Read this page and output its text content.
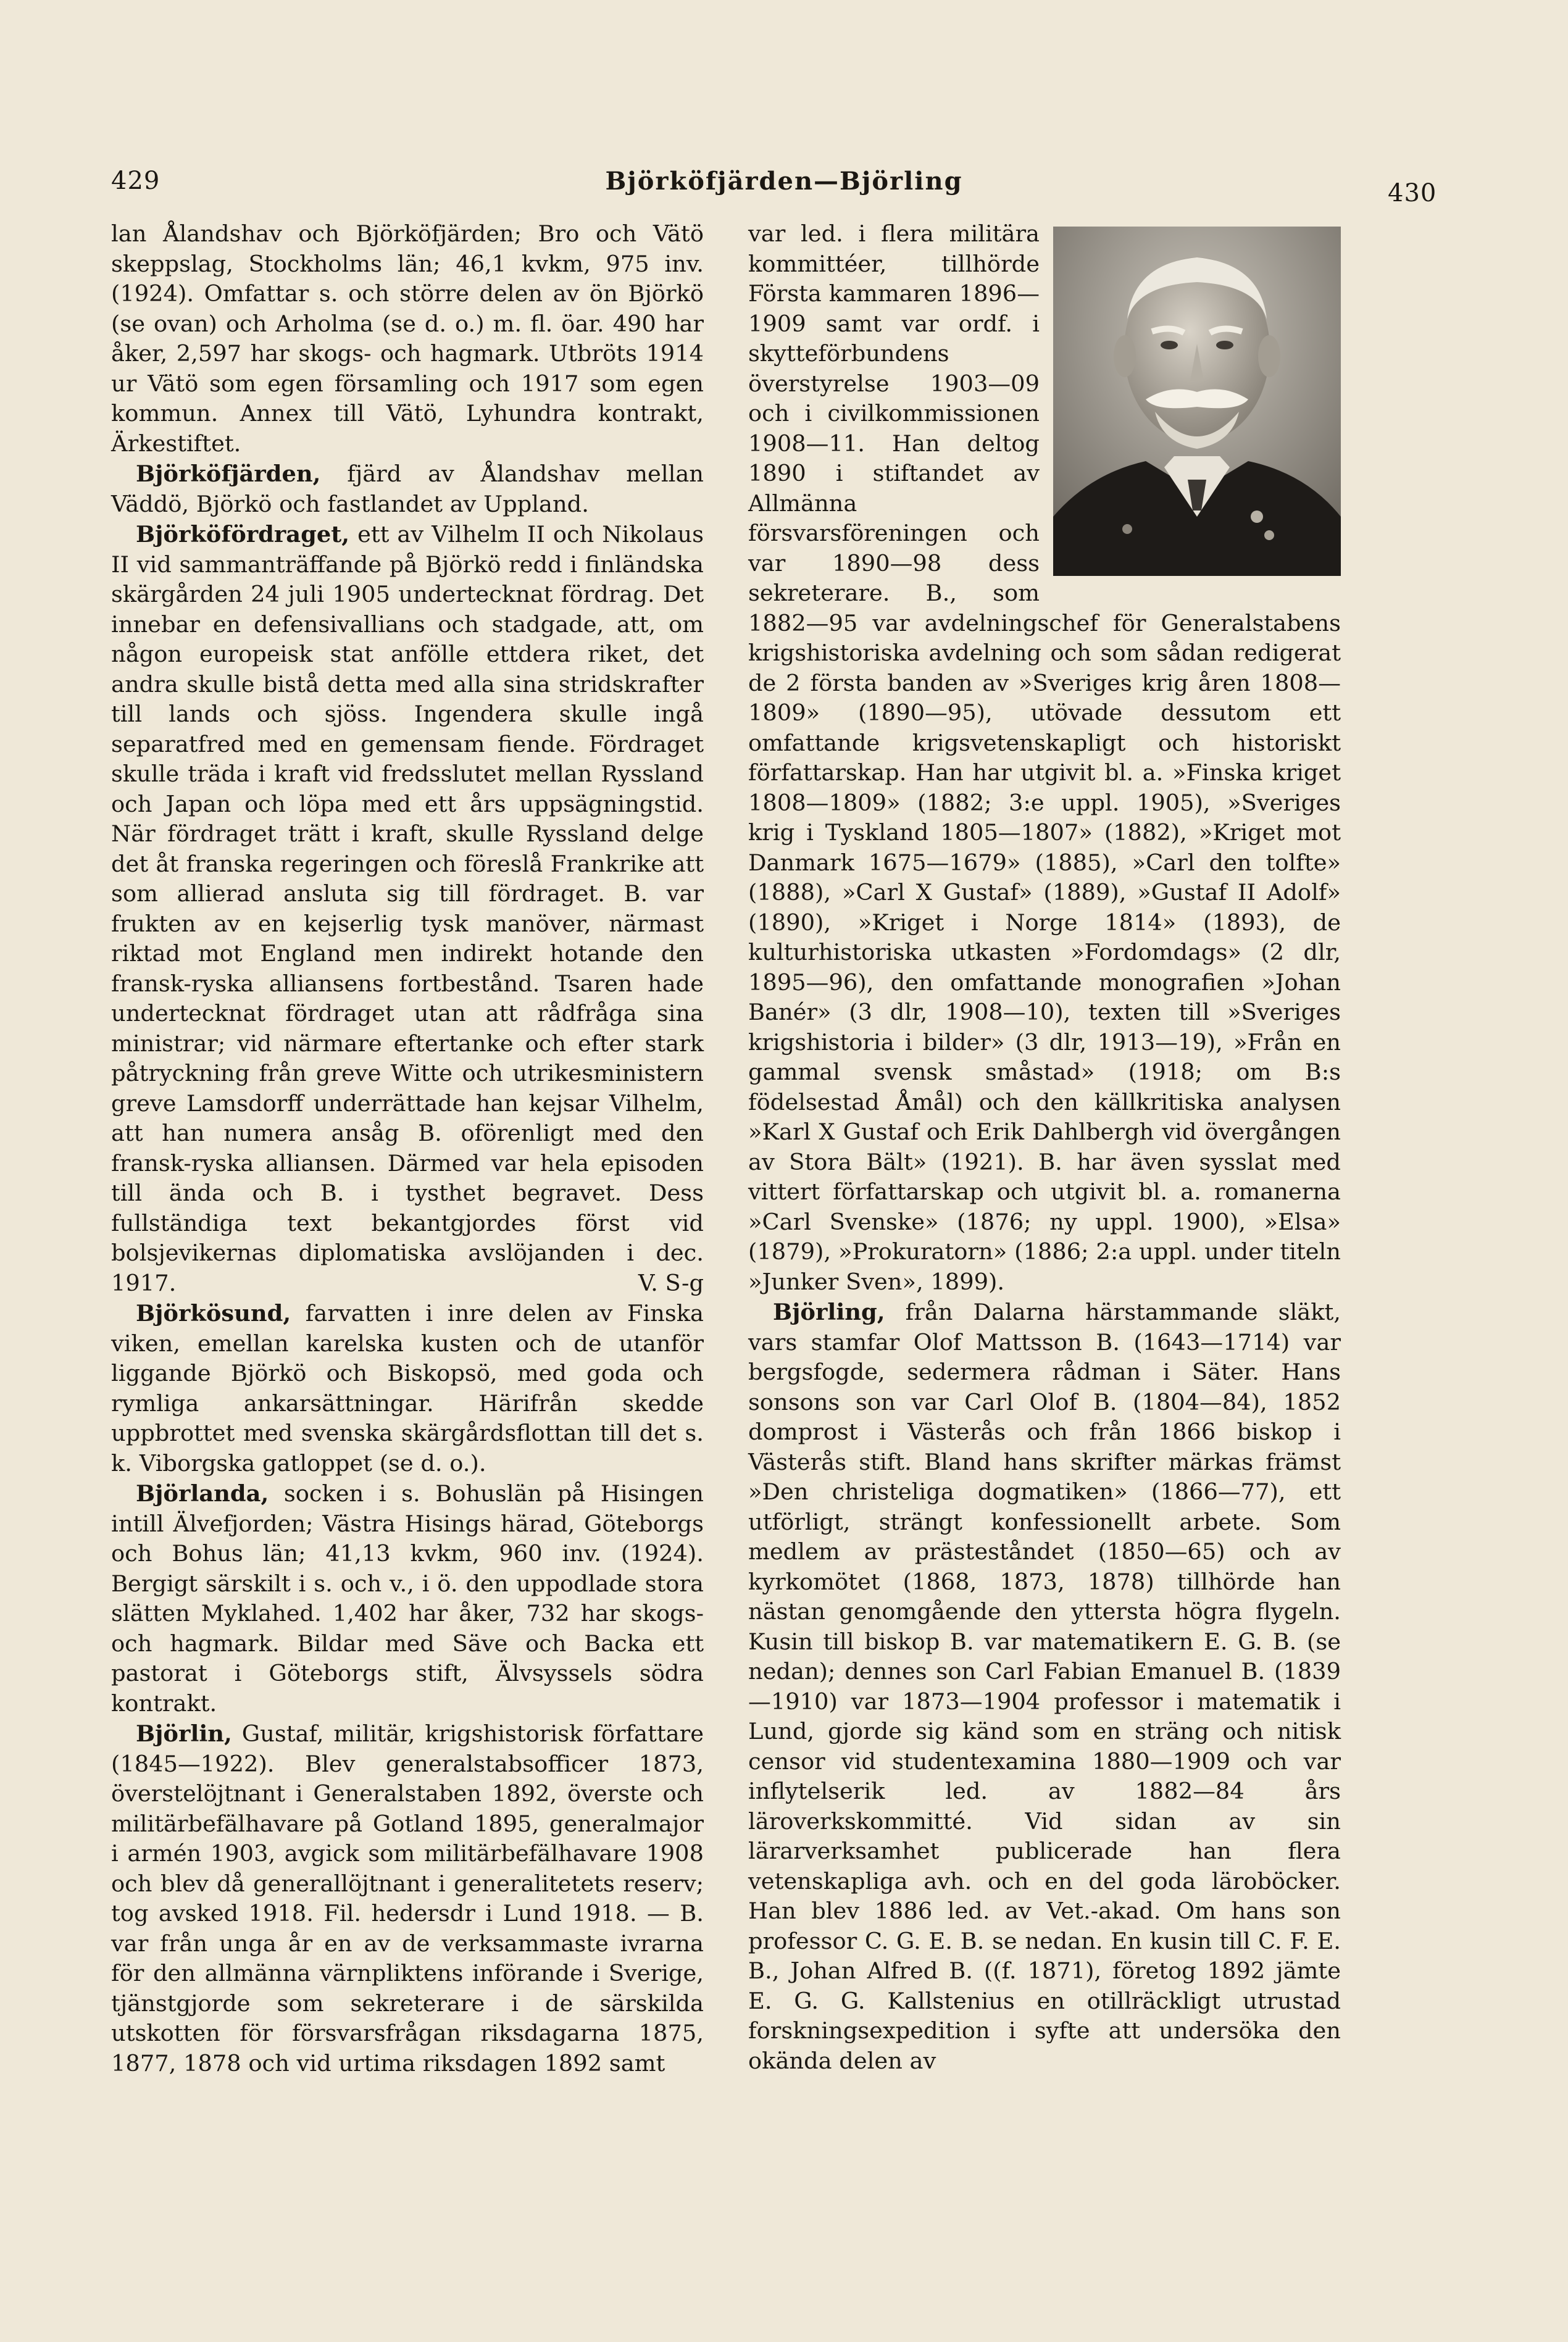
429	Björköfjärden—Björling	430

lan Ålandshav och Björköfjärden; Bro och Vätö skeppslag, Stockholms län; 46,1 kvkm, 975 inv. (1924). Omfattar s. och större delen av ön Björkö (se ovan) och Arholma (se d. o.) m. fl. öar. 490 har åker, 2,597 har skogs- och hagmark. Utbröts 1914 ur Vätö som egen församling och 1917 som egen kommun. Annex till Vätö, Lyhundra kontrakt, Ärkestiftet.

Björköfjärden, fjärd av Ålandshav mellan Väddö, Björkö och fastlandet av Uppland.

Björköfördraget, ett av Vilhelm II och Nikolaus II vid sammanträffande på Björkö redd i finländska skärgården 24 juli 1905 undertecknat fördrag. Det innebar en defensivallians och stadgade, att, om någon europeisk stat anfölle ettdera riket, det andra skulle bistå detta med alla sina stridskrafter till lands och sjöss. Ingendera skulle ingå separatfred med en gemensam fiende. Fördraget skulle träda i kraft vid fredsslutet mellan Ryssland och Japan och löpa med ett års uppsägningstid. När fördraget trätt i kraft, skulle Ryssland delge det åt franska regeringen och föreslå Frankrike att som allierad ansluta sig till fördraget. B. var frukten av en kejserlig tysk manöver, närmast riktad mot England men indirekt hotande den fransk-ryska alliansens fortbestånd. Tsaren hade undertecknat fördraget utan att rådfråga sina ministrar; vid närmare eftertanke och efter stark påtryckning från greve Witte och utrikesministern greve Lamsdorff underrättade han kejsar Vilhelm, att han numera ansåg B. oförenligt med den fransk-ryska alliansen. Därmed var hela episoden till ända och B. i tysthet begravet. Dess fullständiga text bekantgjordes först vid bolsjevikernas diplomatiska avslöjanden i dec. 1917.	V. S-g

Björkösund, farvatten i inre delen av Finska viken, emellan karelska kusten och de utanför liggande Björkö och Biskopsö, med goda och rymliga ankarsättningar. Härifrån skedde uppbrottet med svenska skärgårdsflottan till det s. k. Viborgska gatloppet (se d. o.).

Björlanda, socken i s. Bohuslän på Hisingen intill Älvefjorden; Västra Hisings härad, Göteborgs och Bohus län; 41,13 kvkm, 960 inv. (1924). Bergigt särskilt i s. och v., i ö. den uppodlade stora slätten Myklahed. 1,402 har åker, 732 har skogs- och hagmark. Bildar med Säve och Backa ett pastorat i Göteborgs stift, Älvsyssels södra kontrakt.

Björlin, Gustaf, militär, krigshistorisk författare (1845—1922). Blev generalstabsofficer 1873, överstelöjtnant i Generalstaben 1892, överste och militärbefälhavare på Gotland 1895, generalmajor i armén 1903, avgick som militärbefälhavare 1908 och blev då generallöjtnant i generalitetets reserv; tog avsked 1918. Fil. hedersdr i Lund 1918. — B. var från unga år en av de verksammaste ivrarna för den allmänna värnpliktens införande i Sverige, tjänstgjorde som sekreterare i de särskilda utskotten för försvarsfrågan riksdagarna 1875, 1877, 1878 och vid urtima riksdagen 1892 samt

var led. i flera militära kommittéer, tillhörde Första kammaren 1896—1909 samt var ordf. i skytteförbundens överstyrelse 1903—09 och i civilkommissionen 1908—11. Han deltog 1890 i stiftandet av Allmänna försvarsföreningen och var 1890—98 dess sekreterare. B., som 1882—95 var avdelningschef för Generalstabens krigshistoriska avdelning och som sådan redigerat de 2 första banden av »Sveriges krig åren 1808—1809» (1890—95), utövade dessutom ett omfattande krigsvetenskapligt och historiskt författarskap. Han har utgivit bl. a. »Finska kriget 1808—1809» (1882; 3:e uppl. 1905), »Sveriges krig i Tyskland 1805—1807» (1882), »Kriget mot Danmark 1675—1679» (1885), »Carl den tolfte» (1888), »Carl X Gustaf» (1889), »Gustaf II Adolf» (1890), »Kriget i Norge 1814» (1893), de kulturhistoriska utkasten »Fordomdags» (2 dlr, 1895—96), den omfattande monografien »Johan Banér» (3 dlr, 1908—10), texten till »Sveriges krigshistoria i bilder» (3 dlr, 1913—19), »Från en gammal svensk småstad» (1918; om B:s födelsestad Åmål) och den källkritiska analysen »Karl X Gustaf och Erik Dahlbergh vid övergången av Stora Bält» (1921). B. har även sysslat med vittert författarskap och utgivit bl. a. romanerna »Carl Svenske» (1876; ny uppl. 1900), »Elsa» (1879), »Prokuratorn» (1886; 2:a uppl. under titeln »Junker Sven», 1899).

Björling, från Dalarna härstammande släkt, vars stamfar Olof Mattsson B. (1643—1714) var bergsfogde, sedermera rådman i Säter. Hans sonsons son var Carl Olof B. (1804—84), 1852 domprost i Västerås och från 1866 biskop i Västerås stift. Bland hans skrifter märkas främst »Den christeliga dogmatiken» (1866—77), ett utförligt, strängt konfessionellt arbete. Som medlem av prästeståndet (1850—65) och av kyrkomötet (1868, 1873, 1878) tillhörde han nästan genomgående den yttersta högra flygeln. Kusin till biskop B. var matematikern E. G. B. (se nedan); dennes son Carl Fabian Emanuel B. (1839—1910) var 1873—1904 professor i matematik i Lund, gjorde sig känd som en sträng och nitisk censor vid studentexamina 1880—1909 och var inflytelserik led. av 1882—84 års läroverkskommitté. Vid sidan av sin lärarverksamhet publicerade han flera vetenskapliga avh. och en del goda läroböcker. Han blev 1886 led. av Vet.-akad. Om hans son professor C. G. E. B. se nedan. En kusin till C. F. E. B., Johan Alfred B. ((f. 1871), företog 1892 jämte E. G. G. Kallstenius en otillräckligt utrustad forskningsexpedition i syfte att undersöka den okända delen av
